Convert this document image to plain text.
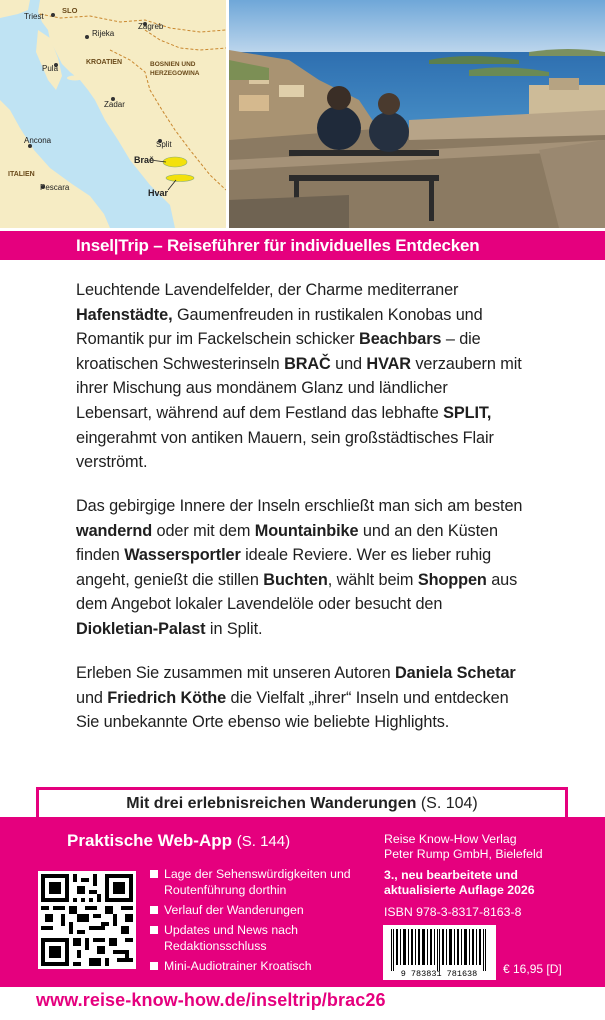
Triest
SLO
Rijeka
Zagreb
Pula
KROATIEN	BOSNIEN UND
HERZEGOWINA
Zadar
Ancona	Split
Brač
Hvar
ITALIEN
Pescara
Insel|Trip – Reiseführer für individuelles Entdecken
Leuchtende Lavendelfelder, der Charme mediterraner Hafenstädte, Gaumenfreuden in rustikalen Konobas und Romantik pur im Fackelschein schicker Beachbars – die kroatischen Schwesterinseln BRAČ und HVAR verzaubern mit ihrer Mischung aus mondänem Glanz und ländlicher Lebensart, während auf dem Festland das lebhafte SPLIT, eingerahmt von antiken Mauern, sein großstädtisches Flair verströmt.
Das gebirgige Innere der Inseln erschließt man sich am besten wandernd oder mit dem Mountainbike und an den Küsten finden Wassersportler ideale Reviere. Wer es lieber ruhig angeht, genießt die stillen Buchten, wählt beim Shoppen aus dem Angebot lokaler Lavendelöle oder besucht den Diokletian-Palast in Split.
Erleben Sie zusammen mit unseren Autoren Daniela Schetar und Friedrich Köthe die Vielfalt „ihrer“ Inseln und entdecken Sie unbekannte Orte ebenso wie beliebte Highlights.
Mit drei erlebnisreichen Wanderungen (S. 104)
Praktische Web-App (S. 144)
Lage der Sehenswürdigkeiten und Routenführung dorthin
Verlauf der Wanderungen
Updates und News nach Redaktionsschluss
Mini-Audiotrainer Kroatisch
Reise Know-How Verlag
Peter Rump GmbH, Bielefeld
3., neu bearbeitete und
aktualisierte Auflage 2026
ISBN 978-3-8317-8163-8
9 783831 781638 € 16,95 [D]
www.reise-know-how.de/inseltrip/brac26
